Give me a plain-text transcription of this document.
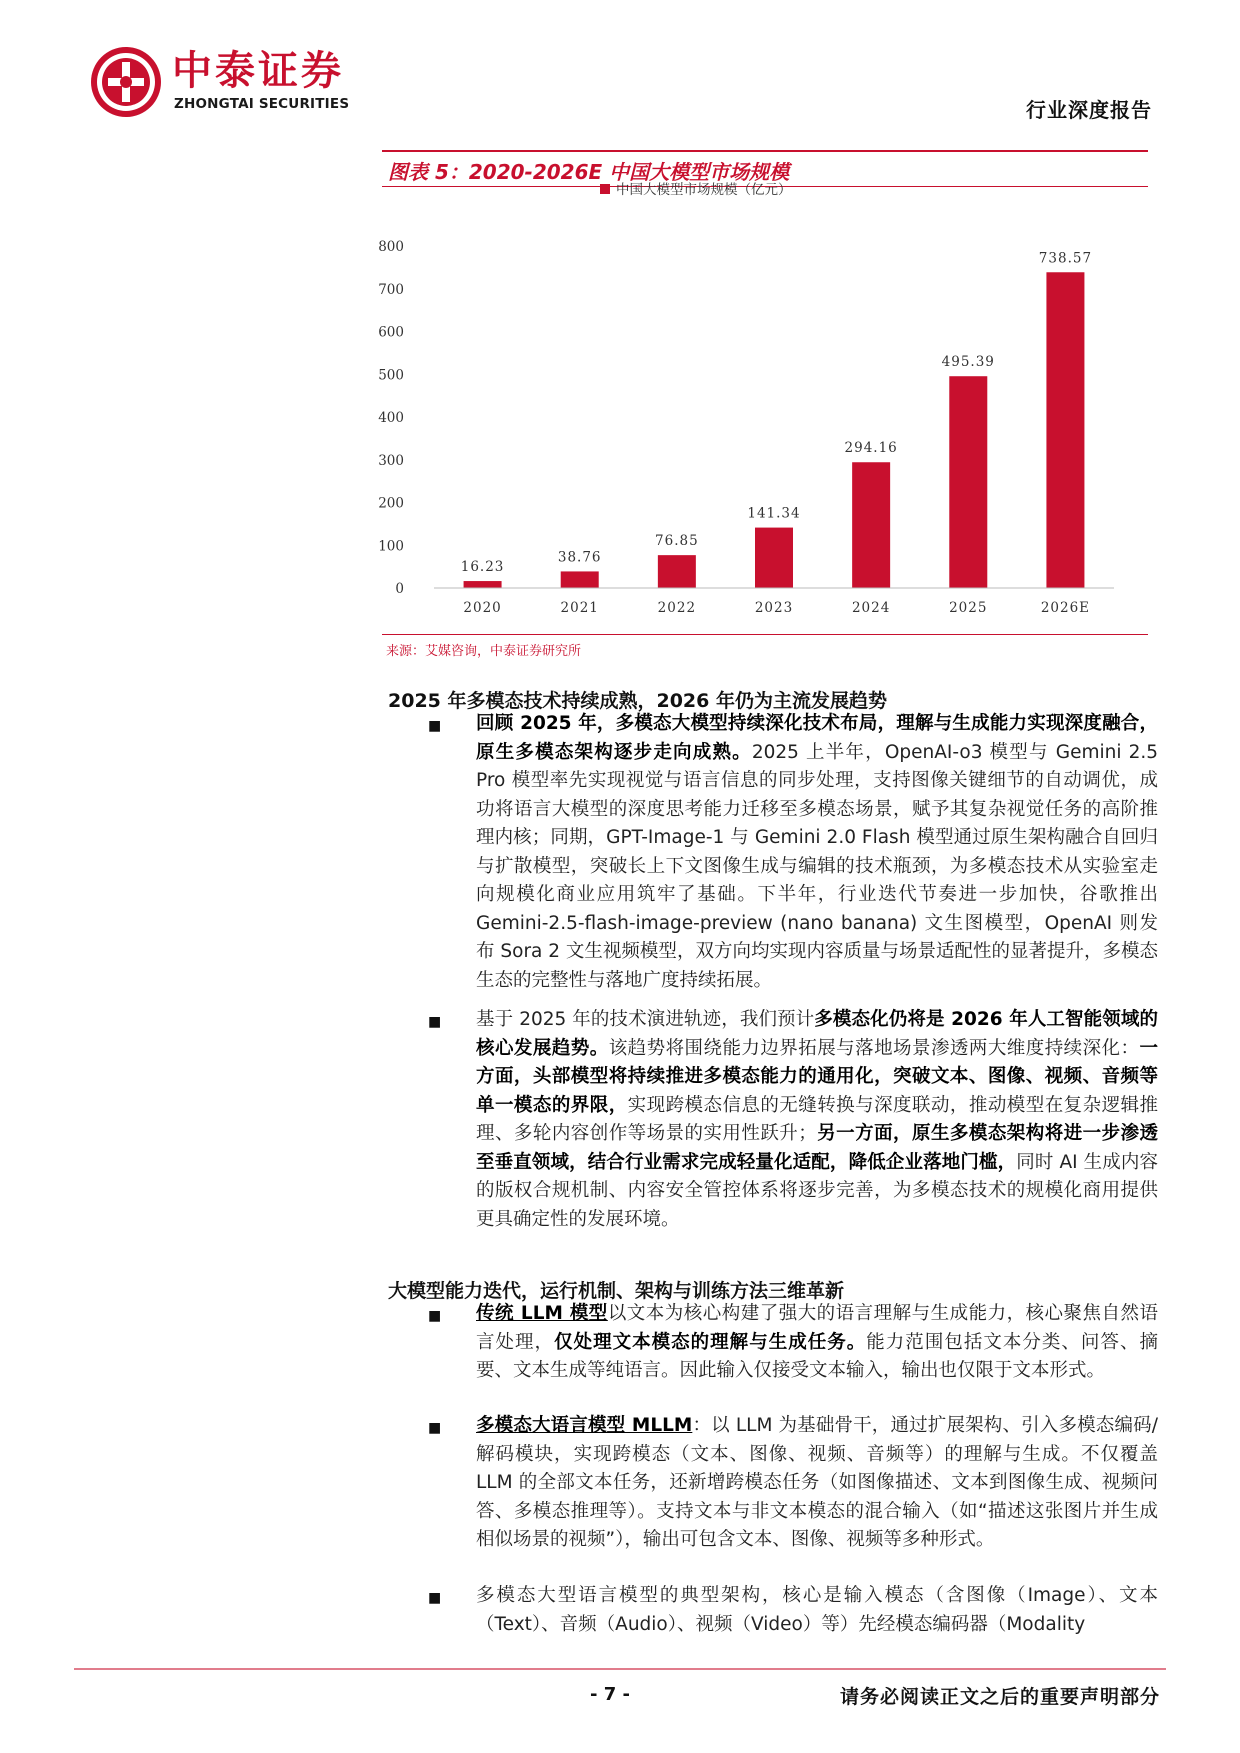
中泰证券
ZHONGTAI SECURITIES	行业深度报告
图表 5：2020-2026E 中国大模型市场规模
中国大模型市场规模（亿元）
0
100
200
300
400
500
600
700
800
16.23
38.76
76.85
141.34
294.16
495.39
738.57
2020	2021	2022	2023	2024	2025	2026E
来源：艾媒咨询，中泰证券研究所
2025 年多模态技术持续成熟，2026 年仍为主流发展趋势
■ 回顾 2025 年，多模态大模型持续深化技术布局，理解与生成能力实现深度融合，原生多模态架构逐步走向成熟。2025 上半年，OpenAI-o3 模型与 Gemini 2.5 Pro 模型率先实现视觉与语言信息的同步处理，支持图像关键细节的自动调优，成功将语言大模型的深度思考能力迁移至多模态场景，赋予其复杂视觉任务的高阶推理内核；同期，GPT-Image-1 与 Gemini 2.0 Flash 模型通过原生架构融合自回归与扩散模型，突破长上下文图像生成与编辑的技术瓶颈，为多模态技术从实验室走向规模化商业应用筑牢了基础。下半年，行业迭代节奏进一步加快，谷歌推出 Gemini-2.5-flash-image-preview (nano banana) 文生图模型，OpenAI 则发布 Sora 2 文生视频模型，双方向均实现内容质量与场景适配性的显著提升，多模态生态的完整性与落地广度持续拓展。
■ 基于 2025 年的技术演进轨迹，我们预计多模态化仍将是 2026 年人工智能领域的核心发展趋势。该趋势将围绕能力边界拓展与落地场景渗透两大维度持续深化：一方面，头部模型将持续推进多模态能力的通用化，突破文本、图像、视频、音频等单一模态的界限，实现跨模态信息的无缝转换与深度联动，推动模型在复杂逻辑推理、多轮内容创作等场景的实用性跃升；另一方面，原生多模态架构将进一步渗透至垂直领域，结合行业需求完成轻量化适配，降低企业落地门槛，同时 AI 生成内容的版权合规机制、内容安全管控体系将逐步完善，为多模态技术的规模化商用提供更具确定性的发展环境。
大模型能力迭代，运行机制、架构与训练方法三维革新
■ 传统 LLM 模型以文本为核心构建了强大的语言理解与生成能力，核心聚焦自然语言处理，仅处理文本模态的理解与生成任务。能力范围包括文本分类、问答、摘要、文本生成等纯语言。因此输入仅接受文本输入，输出也仅限于文本形式。
■ 多模态大语言模型 MLLM：以 LLM 为基础骨干，通过扩展架构、引入多模态编码/解码模块，实现跨模态（文本、图像、视频、音频等）的理解与生成。不仅覆盖 LLM 的全部文本任务，还新增跨模态任务（如图像描述、文本到图像生成、视频问答、多模态推理等）。支持文本与非文本模态的混合输入（如“描述这张图片并生成相似场景的视频”），输出可包含文本、图像、视频等多种形式。
■ 多模态大型语言模型的典型架构，核心是输入模态（含图像（Image）、文本（Text）、音频（Audio）、视频（Video）等）先经模态编码器（Modality
- 7 -	请务必阅读正文之后的重要声明部分
